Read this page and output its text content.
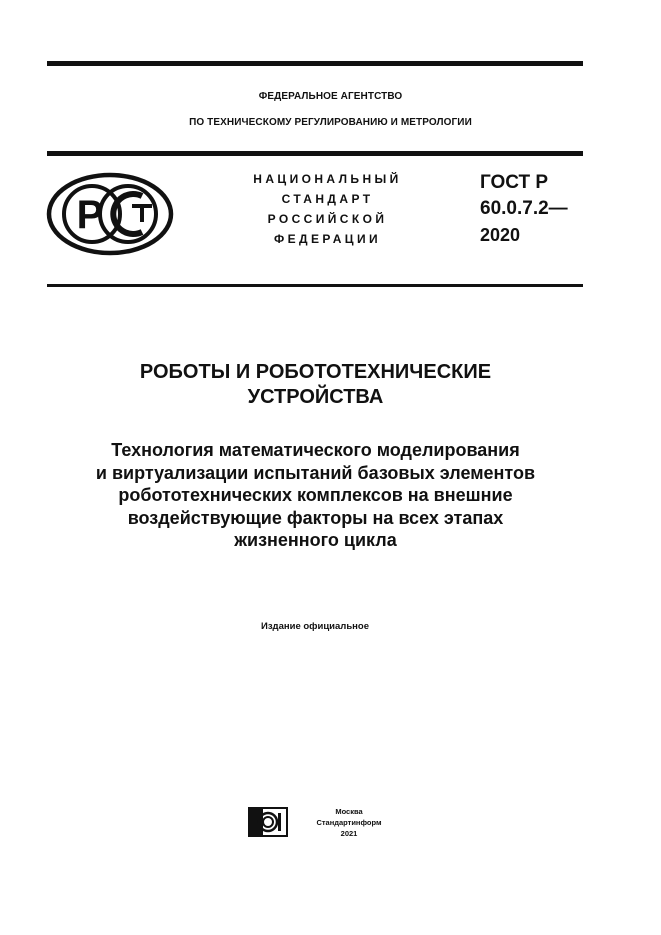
ФЕДЕРАЛЬНОЕ АГЕНТСТВО
ПО ТЕХНИЧЕСКОМУ РЕГУЛИРОВАНИЮ И МЕТРОЛОГИИ
Р
НАЦИОНАЛЬНЫЙ
СТАНДАРТ
РОССИЙСКОЙ
ФЕДЕРАЦИИ
ГОСТ Р
60.0.7.2—
2020
РОБОТЫ И РОБОТОТЕХНИЧЕСКИЕ
УСТРОЙСТВА
Технология математического моделирования
и виртуализации испытаний базовых элементов
робототехнических комплексов на внешние
воздействующие факторы на всех этапах
жизненного цикла
Издание официальное
Москва
Стандартинформ
2021
